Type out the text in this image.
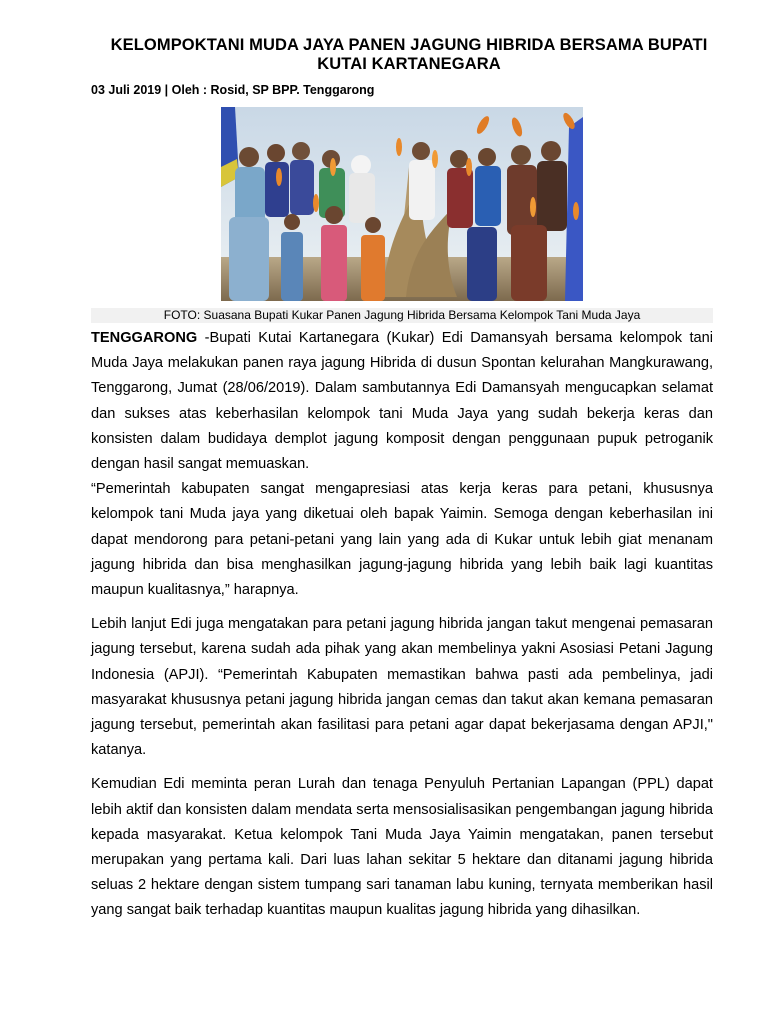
KELOMPOKTANI MUDA JAYA PANEN JAGUNG HIBRIDA BERSAMA BUPATI KUTAI KARTANEGARA

03 Juli 2019 | Oleh : Rosid, SP BPP. Tenggarong

FOTO: Suasana Bupati Kukar Panen Jagung Hibrida Bersama Kelompok Tani Muda Jaya

TENGGARONG -Bupati Kutai Kartanegara (Kukar) Edi Damansyah bersama kelompok tani Muda Jaya melakukan panen raya jagung Hibrida di dusun Spontan kelurahan Mangkurawang, Tenggarong, Jumat (28/06/2019). Dalam sambutannya Edi Damansyah mengucapkan selamat dan sukses atas keberhasilan kelompok tani Muda Jaya yang sudah bekerja keras dan konsisten dalam budidaya demplot jagung komposit dengan penggunaan pupuk petroganik dengan hasil sangat memuaskan.

“Pemerintah kabupaten sangat mengapresiasi atas kerja keras para petani, khususnya kelompok tani Muda jaya yang diketuai oleh bapak Yaimin. Semoga dengan keberhasilan ini dapat mendorong para petani-petani yang lain yang ada di Kukar untuk lebih giat menanam jagung hibrida dan bisa menghasilkan jagung-jagung hibrida yang lebih baik lagi kuantitas maupun kualitasnya,” harapnya.

Lebih lanjut Edi juga mengatakan para petani jagung hibrida jangan takut mengenai pemasaran jagung tersebut, karena sudah ada pihak yang akan membelinya yakni Asosiasi Petani Jagung Indonesia (APJI). “Pemerintah Kabupaten memastikan bahwa pasti ada pembelinya, jadi masyarakat khususnya petani jagung hibrida jangan cemas dan takut akan kemana pemasaran jagung tersebut, pemerintah akan fasilitasi para petani agar dapat bekerjasama dengan APJI," katanya.

Kemudian Edi meminta peran Lurah dan tenaga Penyuluh Pertanian Lapangan (PPL) dapat lebih aktif dan konsisten dalam mendata serta mensosialisasikan pengembangan jagung hibrida kepada masyarakat. Ketua kelompok Tani Muda Jaya Yaimin mengatakan, panen tersebut merupakan yang pertama kali. Dari luas lahan sekitar 5 hektare dan ditanami jagung hibrida seluas 2 hektare dengan sistem tumpang sari tanaman labu kuning, ternyata memberikan hasil yang sangat baik terhadap kuantitas maupun kualitas jagung hibrida yang dihasilkan.
